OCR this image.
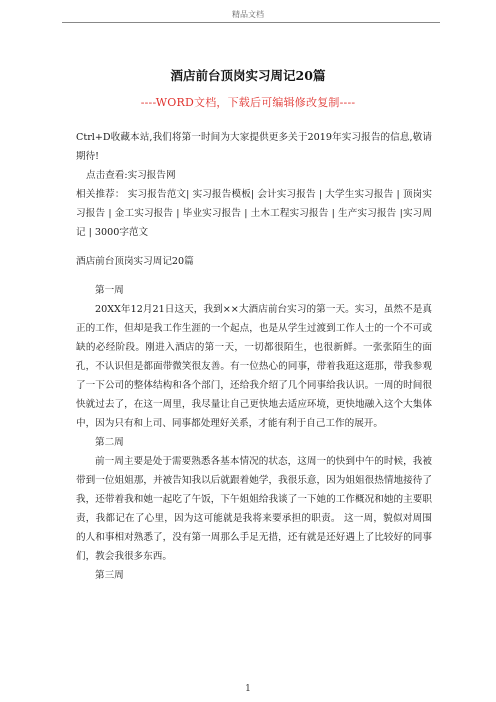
精品文档
酒店前台顶岗实习周记20篇
----WORD文档，下载后可编辑修改复制----

Ctrl+D收藏本站,我们将第一时间为大家提供更多关于2019年实习报告的信息,敬请期待!

点击查看:实习报告网

相关推荐： 实习报告范文| 实习报告模板| 会计实习报告 | 大学生实习报告 | 顶岗实习报告 | 金工实习报告 | 毕业实习报告 | 土木工程实习报告 | 生产实习报告 |实习周记 | 3000字范文

酒店前台顶岗实习周记20篇

第一周

20XX年12月21日这天，我到××大酒店前台实习的第一天。实习，虽然不是真正的工作，但却是我工作生涯的一个起点，也是从学生过渡到工作人士的一个不可或缺的必经阶段。刚进入酒店的第一天，一切都很陌生，也很新鲜。一张张陌生的面孔，不认识但是都面带微笑很友善。有一位热心的同事，带着我逛这逛那，带我参观了一下公司的整体结构和各个部门，还给我介绍了几个同事给我认识。一周的时间很快就过去了，在这一周里，我尽量让自己更快地去适应环境，更快地融入这个大集体中，因为只有和上司、同事都处理好关系，才能有利于自己工作的展开。

第二周

前一周主要是处于需要熟悉各基本情况的状态，这周一的快到中午的时候，我被带到一位姐姐那，并被告知我以后就跟着她学，我很乐意，因为姐姐很热情地接待了我，还带着我和她一起吃了午饭，下午姐姐给我谈了一下她的工作概况和她的主要职责，我都记在了心里，因为这可能就是我将来要承担的职责。 这一周，貌似对周围的人和事相对熟悉了，没有第一周那么手足无措，还有就是还好遇上了比较好的同事们，教会我很多东西。

第三周

1
